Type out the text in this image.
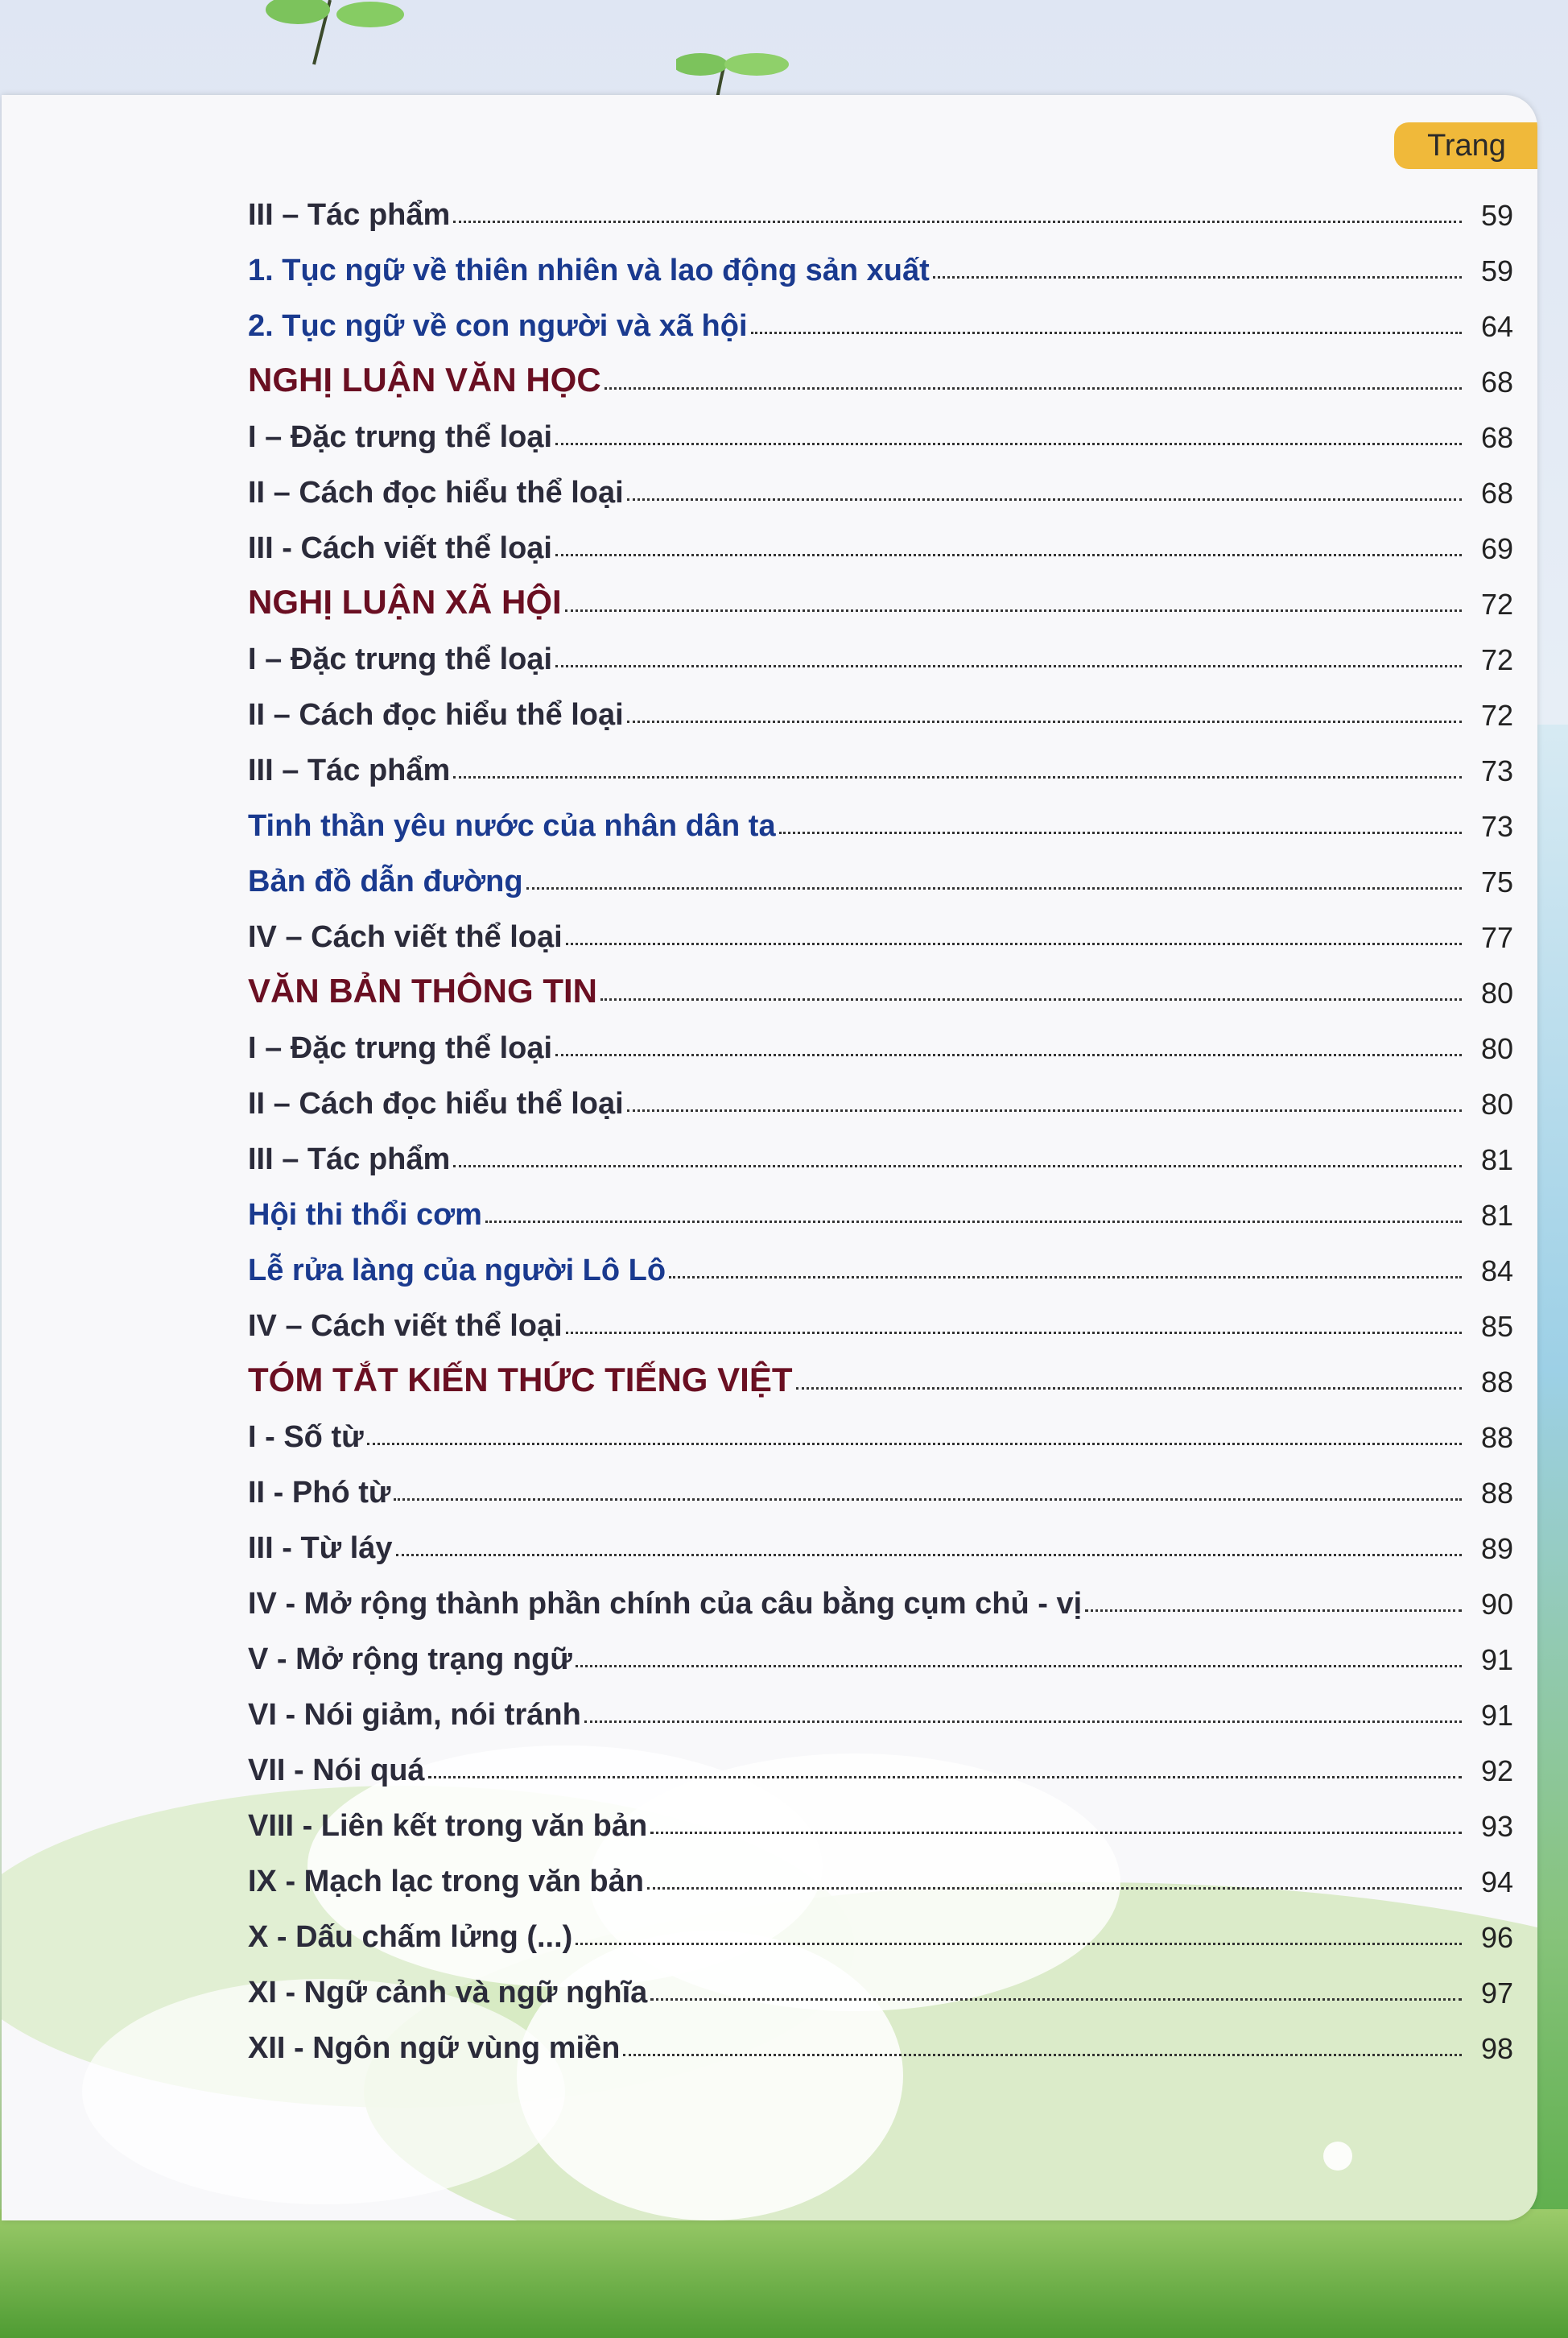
Trang
III – Tác phẩm	59
1. Tục ngữ về thiên nhiên và lao động sản xuất	59
2. Tục ngữ về con người và xã hội	64
NGHỊ LUẬN VĂN HỌC	68
I – Đặc trưng thể loại	68
II – Cách đọc hiểu thể loại	68
III - Cách viết thể loại	69
NGHỊ LUẬN XÃ HỘI	72
I – Đặc trưng thể loại	72
II – Cách đọc hiểu thể loại	72
III – Tác phẩm	73
Tinh thần yêu nước của nhân dân ta	73
Bản đồ dẫn đường	75
IV – Cách viết thể loại	77
VĂN BẢN THÔNG TIN	80
I – Đặc trưng thể loại	80
II – Cách đọc hiểu thể loại	80
III – Tác phẩm	81
Hội thi thổi cơm	81
Lễ rửa làng của người Lô Lô	84
IV – Cách viết thể loại	85
TÓM TẮT KIẾN THỨC TIẾNG VIỆT	88
I - Số từ	88
II - Phó từ	88
III - Từ láy	89
IV - Mở rộng thành phần chính của câu bằng cụm chủ - vị	90
V - Mở rộng trạng ngữ	91
VI - Nói giảm, nói tránh	91
VII - Nói quá	92
VIII - Liên kết trong văn bản	93
IX - Mạch lạc trong văn bản	94
X - Dấu chấm lửng (...)	96
XI - Ngữ cảnh và ngữ nghĩa	97
XII - Ngôn ngữ vùng miền	98
